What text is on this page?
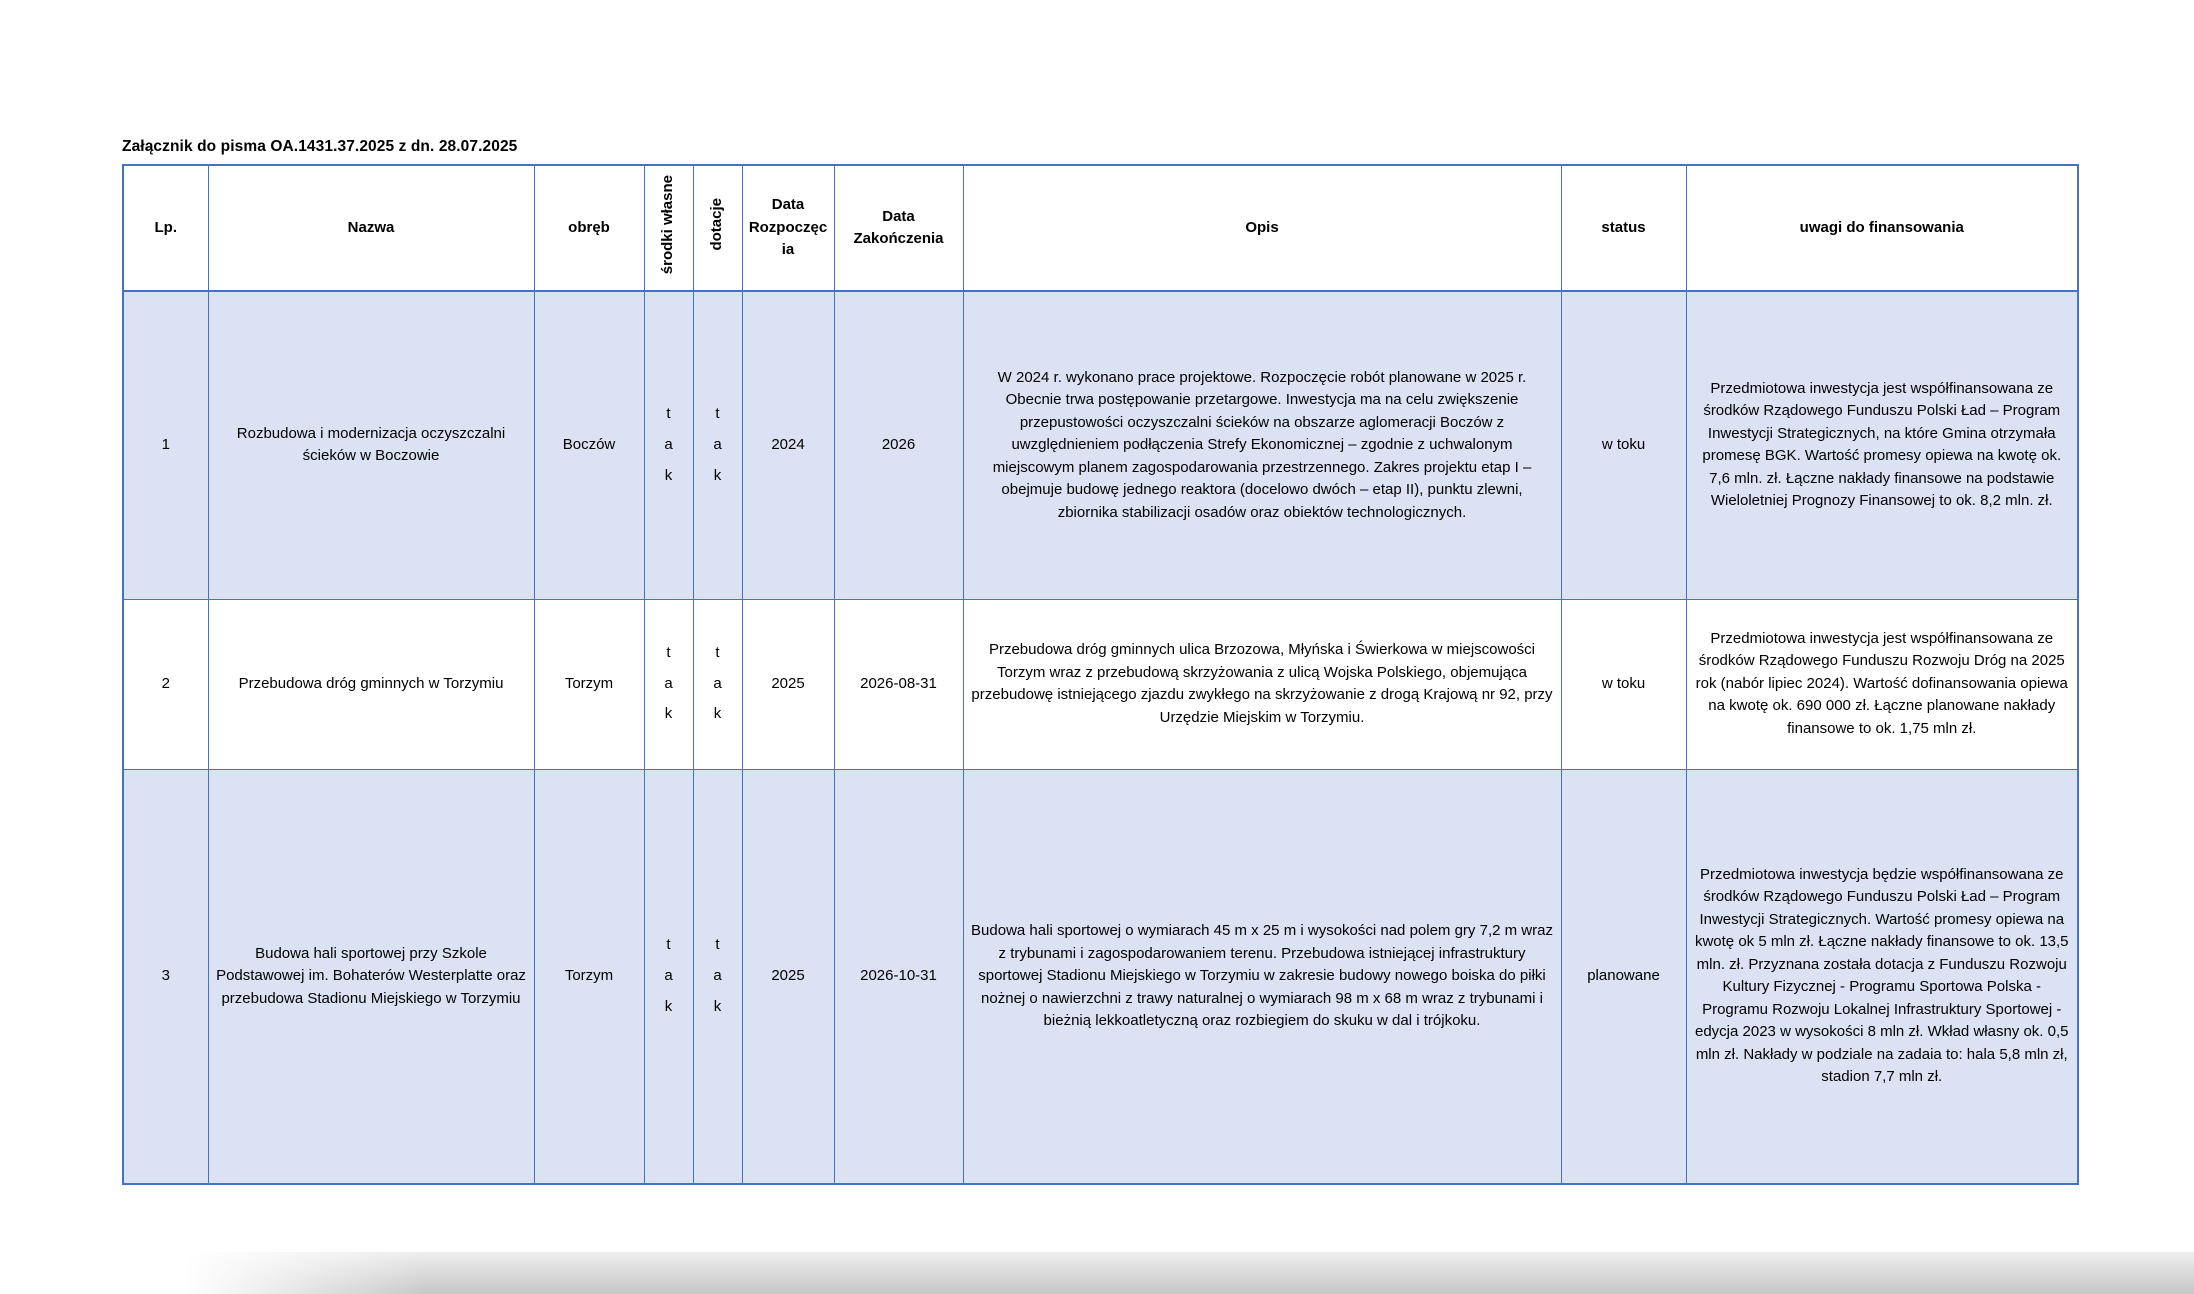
Załącznik do pisma OA.1431.37.2025 z dn. 28.07.2025
Lp.	Nazwa	obręb	środki własne	dotacje	Data Rozpoczęcia	Data Zakończenia	Opis	status	uwagi do finansowania
1	Rozbudowa i modernizacja oczyszczalni ścieków w Boczowie	Boczów	tak	tak	2024	2026	W 2024 r. wykonano prace projektowe. Rozpoczęcie robót planowane w 2025 r. Obecnie trwa postępowanie przetargowe. Inwestycja ma na celu zwiększenie przepustowości oczyszczalni ścieków na obszarze aglomeracji Boczów z uwzględnieniem podłączenia Strefy Ekonomicznej – zgodnie z uchwalonym miejscowym planem zagospodarowania przestrzennego. Zakres projektu etap I – obejmuje budowę jednego reaktora (docelowo dwóch – etap II), punktu zlewni, zbiornika stabilizacji osadów oraz obiektów technologicznych.	w toku	Przedmiotowa inwestycja jest współfinansowana ze środków Rządowego Funduszu Polski Ład – Program Inwestycji Strategicznych, na które Gmina otrzymała promesę BGK. Wartość promesy opiewa na kwotę ok. 7,6 mln. zł. Łączne nakłady finansowe na podstawie Wieloletniej Prognozy Finansowej to ok. 8,2 mln. zł.
2	Przebudowa dróg gminnych w Torzymiu	Torzym	tak	tak	2025	2026-08-31	Przebudowa dróg gminnych ulica Brzozowa, Młyńska i Świerkowa w miejscowości Torzym wraz z przebudową skrzyżowania z ulicą Wojska Polskiego, objemująca przebudowę istniejącego zjazdu zwykłego na skrzyżowanie z drogą Krajową nr 92, przy Urzędzie Miejskim w Torzymiu.	w toku	Przedmiotowa inwestycja jest współfinansowana ze środków Rządowego Funduszu Rozwoju Dróg na 2025 rok (nabór lipiec 2024). Wartość dofinansowania opiewa na kwotę ok. 690 000 zł. Łączne planowane nakłady finansowe to ok. 1,75 mln zł.
3	Budowa hali sportowej przy Szkole Podstawowej im. Bohaterów Westerplatte oraz przebudowa Stadionu Miejskiego w Torzymiu	Torzym	tak	tak	2025	2026-10-31	Budowa hali sportowej o wymiarach 45 m x 25 m i wysokości nad polem gry 7,2 m wraz z trybunami i zagospodarowaniem terenu. Przebudowa istniejącej infrastruktury sportowej Stadionu Miejskiego w Torzymiu w zakresie budowy nowego boiska do piłki nożnej o nawierzchni z trawy naturalnej o wymiarach 98 m x 68 m wraz z trybunami i bieżnią lekkoatletyczną oraz rozbiegiem do skuku w dal i trójkoku.	planowane	Przedmiotowa inwestycja będzie współfinansowana ze środków Rządowego Funduszu Polski Ład – Program Inwestycji Strategicznych. Wartość promesy opiewa na kwotę ok 5 mln zł. Łączne nakłady finansowe to ok. 13,5 mln. zł. Przyznana została dotacja z Funduszu Rozwoju Kultury Fizycznej - Programu Sportowa Polska - Programu Rozwoju Lokalnej Infrastruktury Sportowej - edycja 2023 w wysokości 8 mln zł. Wkład własny ok. 0,5 mln zł. Nakłady w podziale na zadaia to: hala 5,8 mln zł, stadion 7,7 mln zł.
